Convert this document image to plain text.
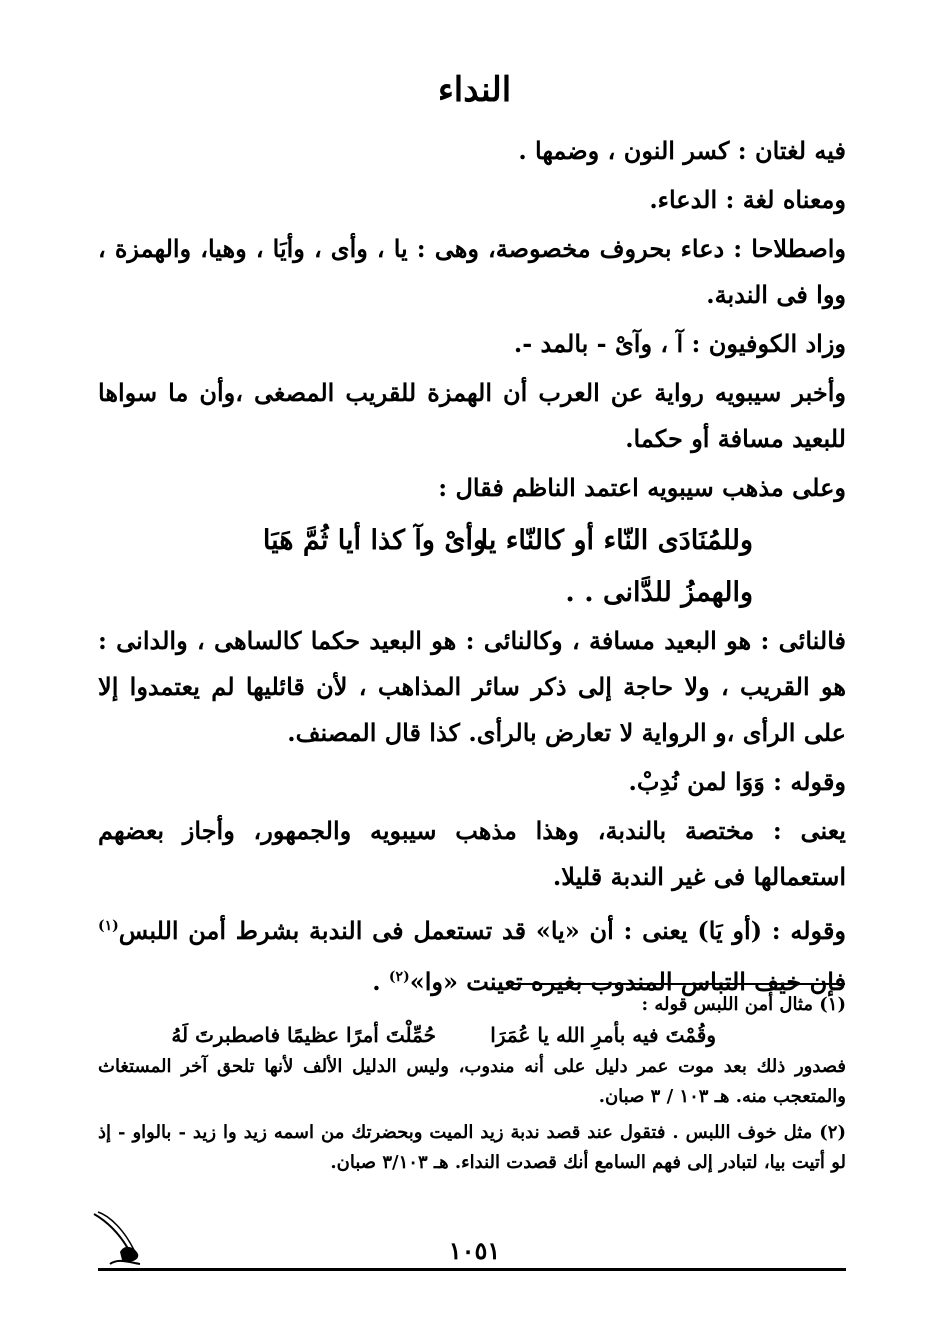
النداء

فيه لغتان : كسر النون ، وضمها .

ومعناه لغة : الدعاء.

واصطلاحا : دعاء بحروف مخصوصة، وهى : يا ، وأى ، وأيَا ، وهيا، والهمزة ، ووا فى الندبة.

وزاد الكوفيون : آ ، وآىْ - بالمد -.

وأخبر سيبويه رواية عن العرب أن الهمزة للقريب المصغى ،وأن ما سواها للبعيد مسافة أو حكما.

وعلى مذهب سيبويه اعتمد الناظم فقال :

وللمُنَادَى النّاء أو كالنّاء يا
وأىْ وآ كذا أيا ثُمَّ هَيَا
والهمزُ للدَّانى . .

فالنائى : هو البعيد مسافة ، وكالنائى : هو البعيد حكما كالساهى ، والدانى : هو القريب ، ولا حاجة إلى ذكر سائر المذاهب ، لأن قائليها لم يعتمدوا إلا على الرأى ،و الرواية لا تعارض بالرأى. كذا قال المصنف.

وقوله : وَوَا لمن نُدِبْ.

يعنى : مختصة بالندبة، وهذا مذهب سيبويه والجمهور، وأجاز بعضهم استعمالها فى غير الندبة قليلا.

وقوله : (أو يَا) يعنى : أن «يا» قد تستعمل فى الندبة بشرط أمن اللبس$^{(١)}$ فإن خيف التباس المندوب بغيره تعينت «وا»$^{(٢)}$ .

(١) مثال أمن اللبس قوله :

حُمِّلْتَ أمرًا عظيمًا فاصطبرتَ لَهُ	وقُمْتَ فيه بأمرِ الله يا عُمَرَا

فصدور ذلك بعد موت عمر دليل على أنه مندوب، وليس الدليل الألف لأنها تلحق آخر المستغاث والمتعجب منه. هـ ١٠٣ / ٣ صبان.

(٢) مثل خوف اللبس . فتقول عند قصد ندبة زيد الميت وبحضرتك من اسمه زيد وا زيد - بالواو - إذ لو أتيت بيا، لتبادر إلى فهم السامع أنك قصدت النداء. هـ ٣/١٠٣ صبان.

١٠٥١
